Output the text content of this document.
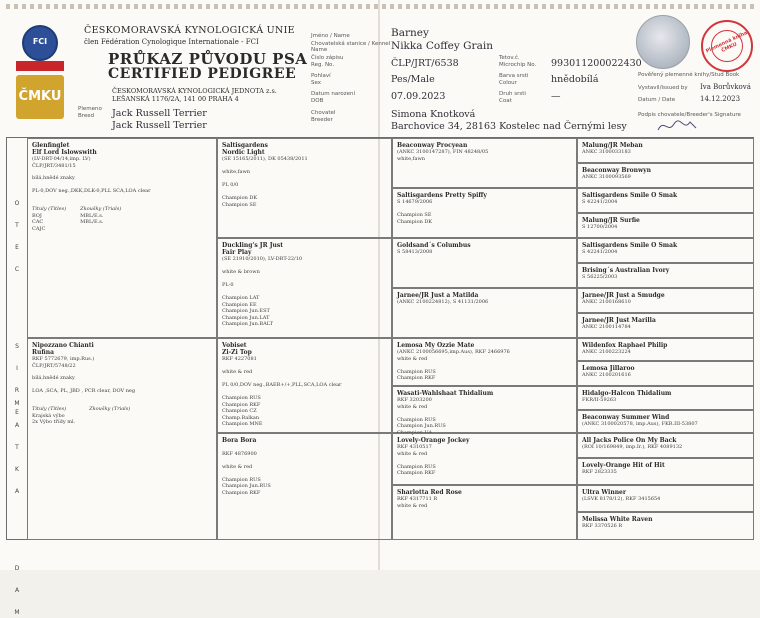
FCI
ČMKU
ČESKOMORAVSKÁ KYNOLOGICKÁ UNIE
člen Fédération Cynologique Internationale - FCI
PRŮKAZ PŮVODU PSA
CERTIFIED PEDIGREE
ČESKOMORAVSKÁ KYNOLOGICKÁ JEDNOTA z.s.
LEŠANSKÁ 1176/2A, 141 00 PRAHA 4
Plemeno
Breed Jack Russell Terrier
Jack Russell Terrier
Jméno / Name
Chovatelská stanice / Kennel Name
Číslo zápisu
Reg. No.
Pohlaví
Sex
Datum narození
DOB
Chovatel
Breeder
Barney
Nikka Coffey Grain
ČLP/JRT/6538
Pes/Male
07.09.2023
Simona Knotková
Barchovice 34, 28163 Kostelec nad Černými lesy
Tetov.č.
Microchip No.
Barva srsti
Colour
Druh srsti
Coat
993011200022430
hnědobílá
—
Plemenná kniha ČMKU
Pověřený plemenné knihy/Stud Book
Vystavil/Issued by Iva Borůvková
Datum / Date	14.12.2023
Podpis chovatele/Breeder's Signature
O

T

E

C

S

I

R

E
M

A

T

K

A

D

A

M
Glenfinglet
Elf Lord Islowswith
(LV-DRT-04/14,imp. LV)
ČLP/JRT/3481/15
bílá,hnědé znaky
PL-0,DOV neg.,DKK,DLK-0,PLL SCA,LOA clear
Tituly (Titles)
BOJ
CAC
CAJC
Zkoušky (Trials)
MBL/E.s.
MBL/E.s.
Nipozzano Chianti
Rufina
RKF 5772679, imp.Rus.)
ČLP/JRT/5748/22
bílá,hnědé znaky
LOA ,SCA, PL, JBD , PCR clear, DOV neg
Tituly (Titles)
Krajská výbo
2x Výbo třídy ml.
Zkoušky (Trials)
Saltisgardens
Nordic Light
(SE 15165/2011), DK 05438/2011

white,fawn

PL 0/0

Champion DK
Champion SE
Duckling's JR Just
Fair Play
(SE 21910/2010), LV-DRT-22/10

white & brown

PL-0

Champion LAT
Champion EE
Champion Jun.EST
Champion Jun.LAT
Champion Jun.BALT
Vobiset
Zi-Zi Top
RKF 4227081

white & red

PL 0/0,DOV neg.,BAER+/+,PLL,SCA,LOA clear

Champion RUS
Champion RKF
Champion CZ
Champ.Balkan
Champion MNE
Bora Bora

RKF 4876900

white & red

Champion RUS
Champion Jun.RUS
Champion RKF
Beaconway Procyean
(ANKC 3100147287), FIN 48248/05
white,fawn
Saltisgardens Pretty Spiffy
S 14679/2006

Champion SE
Champion DK
Goldsand´s Columbus
S 58413/2008
Jarnee/JR Just a Matilda
(ANKC 2100224812), S 41131/2006
Lemosa My Ozzie Mate
(ANKC 2100056695,imp.Aus), RKF 2466976
white & red

Champion RUS
Champion RKF
Wasati-Wahlshaat Thidalium
RKF 3203200
white & red

Champion RUS
Champion Jun.RUS
Champion UA
Lovely-Orange Jockey
RKF 4310517
white & red

Champion RUS
Champion RKF
Sharlotta Red Rose
RKF 4317711 R
white & red
Malung/JR Meban
ANKC 3100033183
Beaconway Bronwyn
ANKC 3100093569
Saltisgardens Smile O Smak
S 42241/2004
Malung/JR Surfie
S 12700/2004
Saltisgardens Smile O Smak
S 42241/2004
Brising´s Australian Ivory
S 56225/2003
Jarnee/JR Just a Smudge
ANKC 2100168610
Jarnee/JR Just Marilla
ANKC 2100114784
Wildenfox Raphael Philip
ANKC 2100223224
Lemosa Jillaroo
ANKC 2100201616
Hidalgo-Halcon Thidalium
FKR/II-59263
Beaconway Summer Wind
(ANKC 3100020578, imp.Aus), FKR.III-53807
All Jacks Police On My Back
(ROI 10/169849, imp.Ir.), RKF 4089132
Lovely-Orange Hit of Hit
RKF 2823335
Ultra Winner
(LSVK 8178/12), RKF 3415654
Melissa White Raven
RKF 3370526 R
